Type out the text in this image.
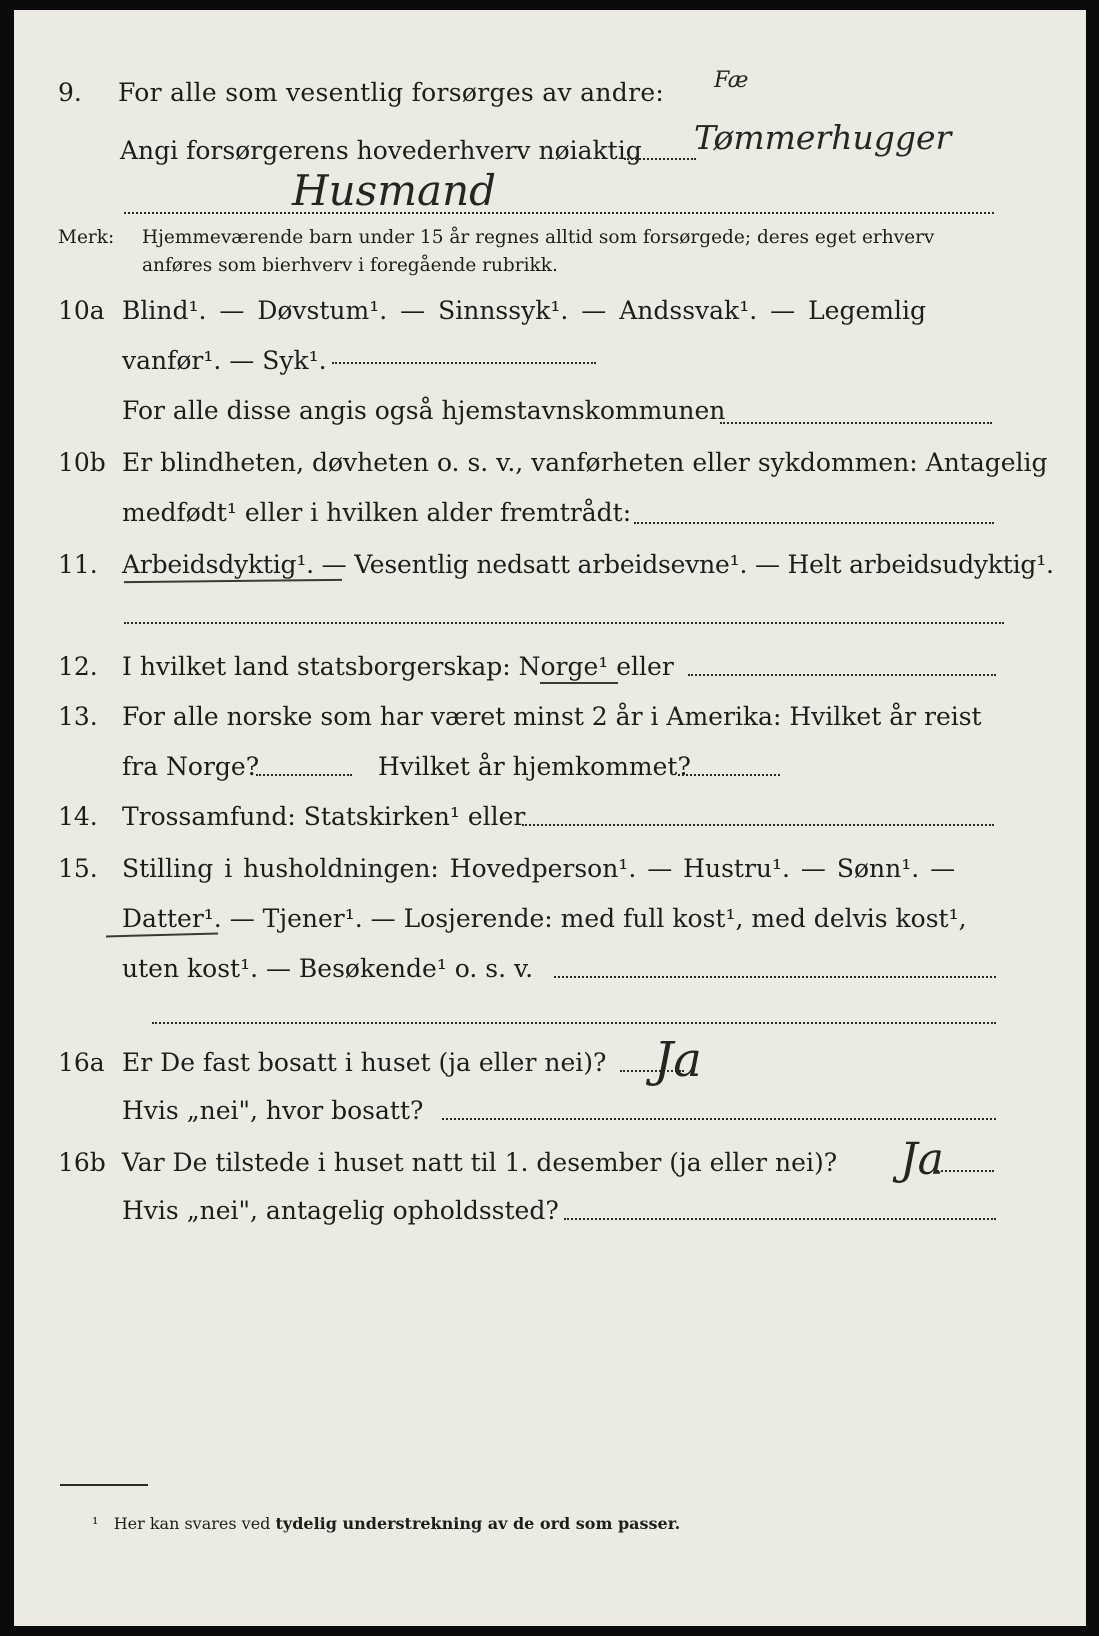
9. For alle som vesentlig forsørges av andre: Fæ
Angi forsørgerens hovederhverv nøiaktig Tømmerhugger
Husmand
Merk: Hjemmeværende barn under 15 år regnes alltid som forsørgede; deres eget erhverv
anføres som bierhverv i foregående rubrikk.
10a Blind¹. — Døvstum¹. — Sinnssyk¹. — Andssvak¹. — Legemlig
vanfør¹. — Syk¹.
For alle disse angis også hjemstavnskommunen
10b Er blindheten, døvheten o. s. v., vanførheten eller sykdommen: Antagelig
medfødt¹ eller i hvilken alder fremtrådt:
11. Arbeidsdyktig¹. — Vesentlig nedsatt arbeidsevne¹. — Helt arbeidsudyktig¹.
12. I hvilket land statsborgerskap: Norge¹ eller
13. For alle norske som har været minst 2 år i Amerika: Hvilket år reist
fra Norge?	Hvilket år hjemkommet?
14. Trossamfund: Statskirken¹ eller
15. Stilling i husholdningen: Hovedperson¹. — Hustru¹. — Sønn¹. —
Datter¹. — Tjener¹. — Losjerende: med full kost¹, med delvis kost¹,
uten kost¹. — Besøkende¹ o. s. v.
16a Er De fast bosatt i huset (ja eller nei)? Ja
Hvis „nei", hvor bosatt?
16b Var De tilstede i huset natt til 1. desember (ja eller nei)? Ja
Hvis „nei", antagelig opholdssted?
¹ Her kan svares ved tydelig understrekning av de ord som passer.
